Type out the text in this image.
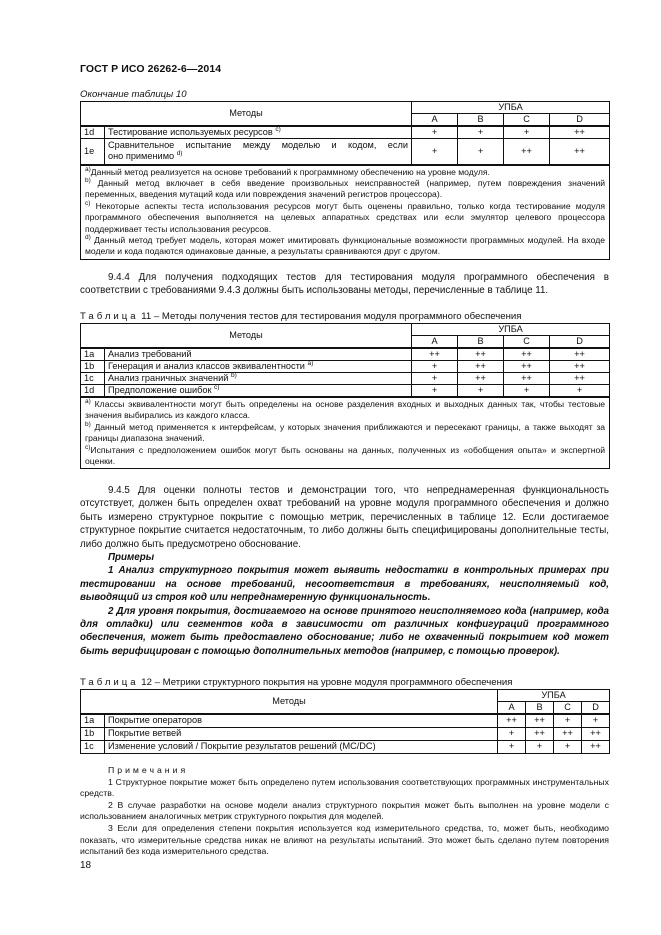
ГОСТ Р ИСО 26262-6—2014
Окончание таблицы 10
Методы		УПБА			
		A	B	C	D
1d	Тестирование используемых ресурсов $^{c)}$	+	+	+	++
1e	Сравнительное испытание между моделью и кодом, если
оно применимо $^{d)}$	+	+	++	++

$^{a)}$Данный метод реализуется на основе требований к программному обеспечению на уровне модуля.

$^{b)}$ Данный метод включает в себя введение произвольных неисправностей (например, путем повреждения значений переменных, введения мутаций кода или повреждения значений регистров процессора).

$^{c)}$ Некоторые аспекты теста использования ресурсов могут быть оценены правильно, только когда тестирование модуля программного обеспечения выполняется на целевых аппаратных средствах или если эмулятор целевого процессора поддерживает тесты использования ресурсов.

$^{d)}$ Данный метод требует модель, которая может имитировать функциональные возможности программных модулей. На входе модели и кода подаются одинаковые данные, а результаты сравниваются друг с другом.					

9.4.4 Для получения подходящих тестов для тестирования модуля программного обеспечения в соответствии с требованиями 9.4.3 должны быть использованы методы, перечисленные в таблице 11.

Таблица 11 – Методы получения тестов для тестирования модуля программного обеспечения
Методы		УПБА			
		A	B	C	D
1a	Анализ требований	++	++	++	++
1b	Генерация и анализ классов эквивалентности $^{a)}$	+	++	++	++
1c	Анализ граничных значений $^{b)}$	+	++	++	++
1d	Предположение ошибок $^{c)}$	+	+	+	+

$^{a)}$ Классы эквивалентности могут быть определены на основе разделения входных и выходных данных так, чтобы тестовые значения выбирались из каждого класса.

$^{b)}$ Данный метод применяется к интерфейсам, у которых значения приближаются и пересекают границы, а также выходят за границы диапазона значений.

$^{c)}$Испытания с предположением ошибок могут быть основаны на данных, полученных из «обобщения опыта» и экспертной оценки.					

9.4.5 Для оценки полноты тестов и демонстрации того, что непреднамеренная функциональность отсутствует, должен быть определен охват требований на уровне модуля программного обеспечения и должно быть измерено структурное покрытие с помощью метрик, перечисленных в таблице 12. Если достигаемое структурное покрытие считается недостаточным, то либо должны быть специфицированы дополнительные тесты, либо должно быть предусмотрено обоснование.

Примеры

1 Анализ структурного покрытия может выявить недостатки в контрольных примерах при тестировании на основе требований, несоответствия в требованиях, неисполняемый код, выводящий из строя код или непреднамеренную функциональность.

2 Для уровня покрытия, достигаемого на основе принятого неисполняемого кода (например, кода для отладки) или сегментов кода в зависимости от различных конфигураций программного обеспечения, может быть предоставлено обоснование; либо не охваченный покрытием код может быть верифицирован с помощью дополнительных методов (например, с помощью проверок).

Таблица 12 – Метрики структурного покрытия на уровне модуля программного обеспечения
Методы		УПБА			
		A	B	C	D
1a	Покрытие операторов	++	++	+	+
1b	Покрытие ветвей	+	++	++	++
1c	Изменение условий / Покрытие результатов решений (MC/DC)	+	+	+	++

Примечания

1 Структурное покрытие может быть определено путем использования соответствующих программных инструментальных средств.

2 В случае разработки на основе модели анализ структурного покрытия может быть выполнен на уровне модели с использованием аналогичных метрик структурного покрытия для моделей.

3 Если для определения степени покрытия используется код измерительного средства, то, может быть, необходимо показать, что измерительные средства никак не влияют на результаты испытаний. Это может быть сделано путем повторения испытаний без кода измерительного средства.

18
